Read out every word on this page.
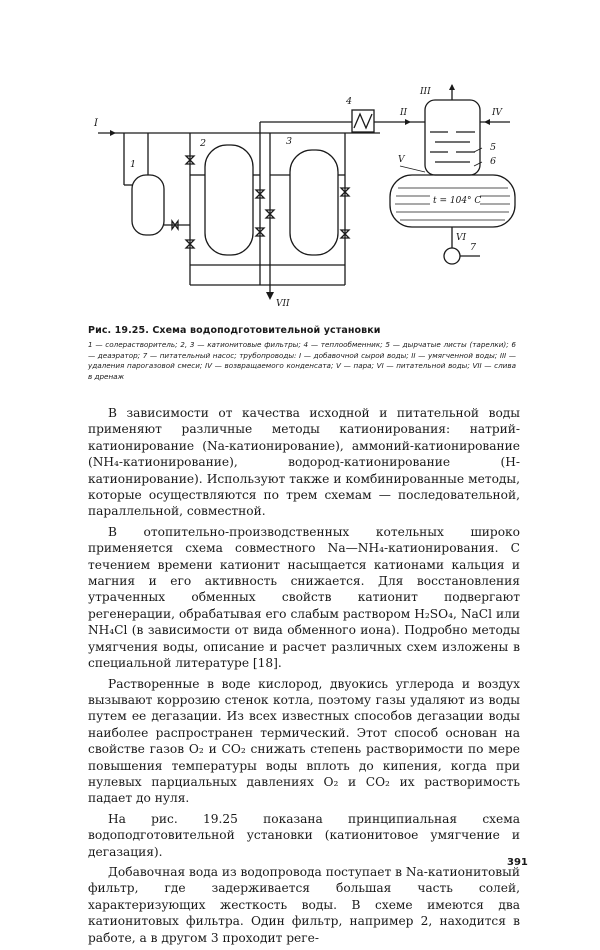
I
1
2	3
VII
4
II
III
IV
5
6
V
t = 104° C
VI
7
Рис. 19.25. Схема водоподготовительной установки
1 — солерастворитель; 2, 3 — катионитовые фильтры; 4 — теплообменник; 5 — дырчатые листы (тарелки); 6 — деаэратор; 7 — питательный насос; трубопроводы: I — добавочной сырой воды; II — умягченной воды; III — удаления парогазовой смеси; IV — возвращаемого конденсата; V — пара; VI — питательной воды; VII — слива в дренаж

В зависимости от качества исходной и питательной воды применяют различные методы катионирования: натрий-катионирование (Na-катионирование), аммоний-катионирование (NH₄-катионирование), водород-катионирование (H-катионирование). Используют также и комбинированные методы, которые осуществляются по трем схемам — последовательной, параллельной, совместной.

В отопительно-производственных котельных широко применяется схема совместного Na—NH₄-катионирования. С течением времени катионит насыщается катионами кальция и магния и его активность снижается. Для восстановления утраченных обменных свойств катионит подвергают регенерации, обрабатывая его слабым раствором H₂SO₄, NaCl или NH₄Cl (в зависимости от вида обменного иона). Подробно методы умягчения воды, описание и расчет различных схем изложены в специальной литературе [18].

Растворенные в воде кислород, двуокись углерода и воздух вызывают коррозию стенок котла, поэтому газы удаляют из воды путем ее дегазации. Из всех известных способов дегазации воды наиболее распространен термический. Этот способ основан на свойстве газов O₂ и CO₂ снижать степень растворимости по мере повышения температуры воды вплоть до кипения, когда при нулевых парциальных давлениях O₂ и CO₂ их растворимость падает до нуля.

На рис. 19.25 показана принципиальная схема водоподготовительной установки (катионитовое умягчение и дегазация).

Добавочная вода из водопровода поступает в Na-катионитовый фильтр, где задерживается большая часть солей, характеризующих жесткость воды. В схеме имеются два катионитовых фильтра. Один фильтр, например 2, находится в работе, а в другом 3 проходит реге-

391
